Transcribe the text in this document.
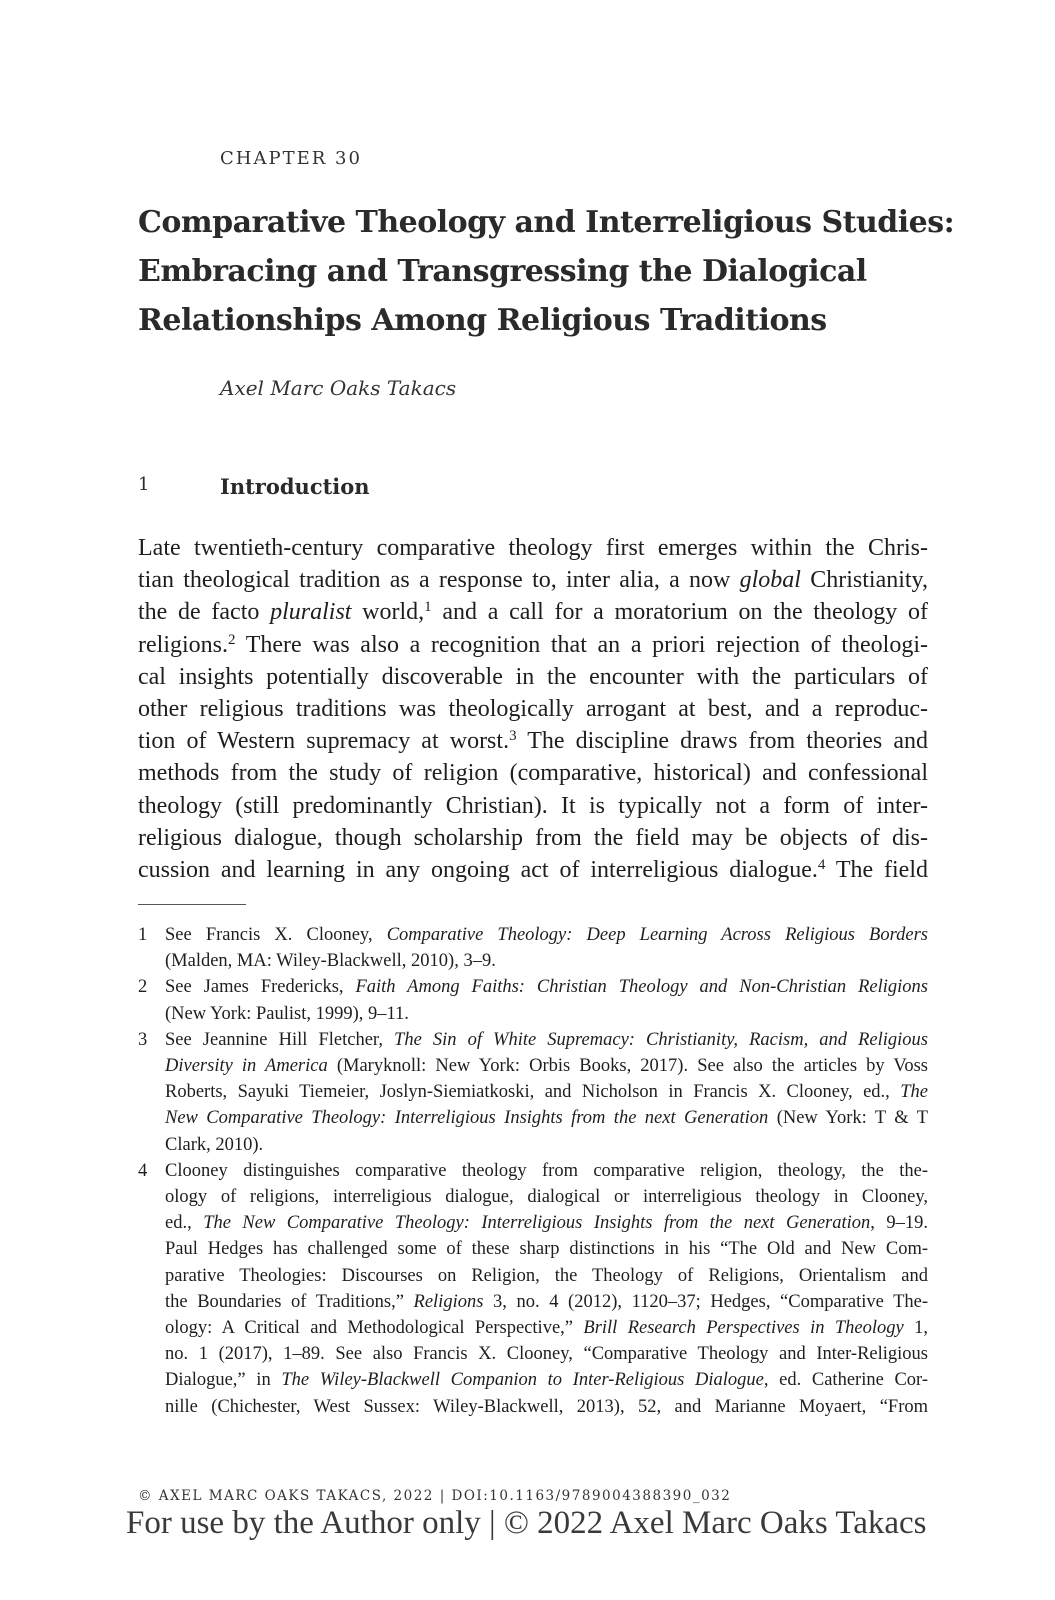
CHAPTER 30
Comparative Theology and Interreligious Studies:
Embracing and Transgressing the Dialogical
Relationships Among Religious Traditions
Axel Marc Oaks Takacs
1	Introduction
Late twentieth-century comparative theology first emerges within the Chris-
tian theological tradition as a response to, inter alia, a now global Christianity,
the de facto pluralist world,$^1$ and a call for a moratorium on the theology of
religions.$^2$ There was also a recognition that an a priori rejection of theologi-
cal insights potentially discoverable in the encounter with the particulars of
other religious traditions was theologically arrogant at best, and a reproduc-
tion of Western supremacy at worst.$^3$ The discipline draws from theories and
methods from the study of religion (comparative, historical) and confessional
theology (still predominantly Christian). It is typically not a form of inter-
religious dialogue, though scholarship from the field may be objects of dis-
cussion and learning in any ongoing act of interreligious dialogue.$^4$ The field
1 See Francis X. Clooney, Comparative Theology: Deep Learning Across Religious Borders
(Malden, MA: Wiley-Blackwell, 2010), 3–9.
2 See James Fredericks, Faith Among Faiths: Christian Theology and Non-Christian Religions
(New York: Paulist, 1999), 9–11.
3 See Jeannine Hill Fletcher, The Sin of White Supremacy: Christianity, Racism, and Religious
Diversity in America (Maryknoll: New York: Orbis Books, 2017). See also the articles by Voss
Roberts, Sayuki Tiemeier, Joslyn-Siemiatkoski, and Nicholson in Francis X. Clooney, ed., The
New Comparative Theology: Interreligious Insights from the next Generation (New York: T & T
Clark, 2010).
4 Clooney distinguishes comparative theology from comparative religion, theology, the the-
ology of religions, interreligious dialogue, dialogical or interreligious theology in Clooney,
ed., The New Comparative Theology: Interreligious Insights from the next Generation, 9–19.
Paul Hedges has challenged some of these sharp distinctions in his “The Old and New Com-
parative Theologies: Discourses on Religion, the Theology of Religions, Orientalism and
the Boundaries of Traditions,” Religions 3, no. 4 (2012), 1120–37; Hedges, “Comparative The-
ology: A Critical and Methodological Perspective,” Brill Research Perspectives in Theology 1,
no. 1 (2017), 1–89. See also Francis X. Clooney, “Comparative Theology and Inter-Religious
Dialogue,” in The Wiley-Blackwell Companion to Inter-Religious Dialogue, ed. Catherine Cor-
nille (Chichester, West Sussex: Wiley-Blackwell, 2013), 52, and Marianne Moyaert, “From
© AXEL MARC OAKS TAKACS, 2022 | DOI:10.1163/9789004388390_032
For use by the Author only | © 2022 Axel Marc Oaks Takacs
